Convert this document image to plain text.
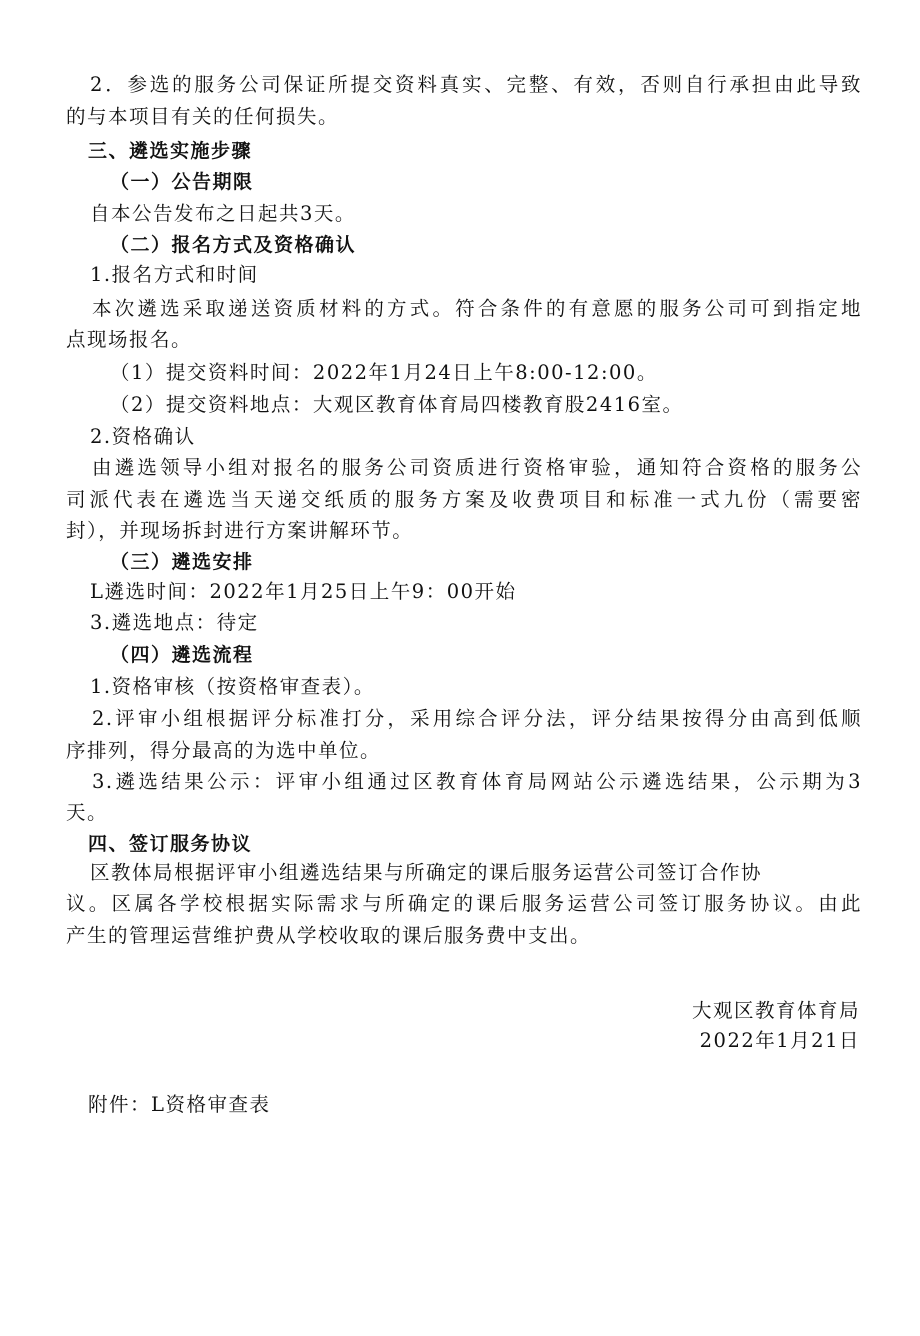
2．参选的服务公司保证所提交资料真实、完整、有效，否则自行承担由此导致
的与本项目有关的任何损失。
三、遴选实施步骤
（一）公告期限
自本公告发布之日起共3天。
（二）报名方式及资格确认
1.报名方式和时间
本次遴选采取递送资质材料的方式。符合条件的有意愿的服务公司可到指定地
点现场报名。
（1）提交资料时间：2022年1月24日上午8:00-12:00。
（2）提交资料地点：大观区教育体育局四楼教育股2416室。
2.资格确认
由遴选领导小组对报名的服务公司资质进行资格审验，通知符合资格的服务公
司派代表在遴选当天递交纸质的服务方案及收费项目和标准一式九份（需要密
封），并现场拆封进行方案讲解环节。
（三）遴选安排
L遴选时间：2022年1月25日上午9：00开始
3.遴选地点：待定
（四）遴选流程
1.资格审核（按资格审查表）。
2.评审小组根据评分标准打分，采用综合评分法，评分结果按得分由高到低顺
序排列，得分最高的为选中单位。
3.遴选结果公示：评审小组通过区教育体育局网站公示遴选结果，公示期为3
天。
四、签订服务协议
区教体局根据评审小组遴选结果与所确定的课后服务运营公司签订合作协
议。区属各学校根据实际需求与所确定的课后服务运营公司签订服务协议。由此
产生的管理运营维护费从学校收取的课后服务费中支出。
大观区教育体育局
2022年1月21日
附件：L资格审查表
